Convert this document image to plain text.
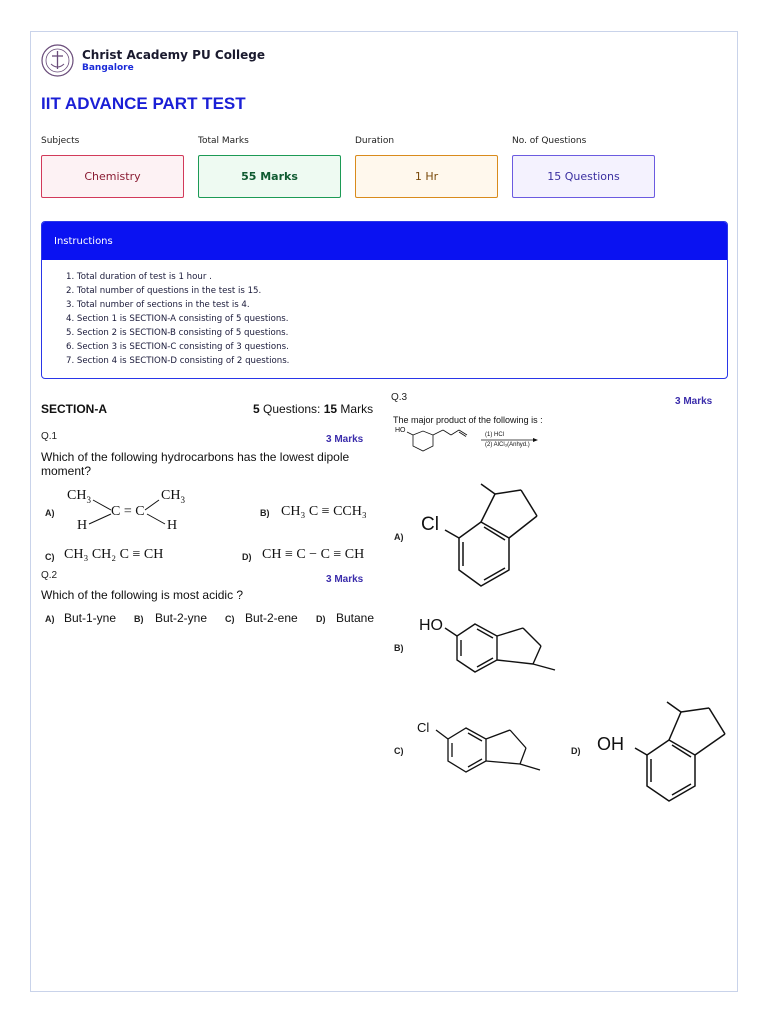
Christ Academy PU College
Bangalore
IIT ADVANCE PART TEST
Subjects	Total Marks	Duration	No. of Questions
Chemistry	55 Marks	1 Hr	15 Questions
Instructions
1. Total duration of test is 1 hour .
2. Total number of questions in the test is 15.
3. Total number of sections in the test is 4.
4. Section 1 is SECTION-A consisting of 5 questions.
5. Section 2 is SECTION-B consisting of 5 questions.
6. Section 3 is SECTION-C consisting of 3 questions.
7. Section 4 is SECTION-D consisting of 2 questions.
SECTION-A	5 Questions: 15 Marks
Q.1	3 Marks
Which of the following hydrocarbons has the lowest dipole moment?
A)
$CH_3$	$CH_3$
C = C
H	H
B) CH₃ C ≡ CCH₃
C) CH₃ CH₂ C ≡ CH	D) CH ≡ C − C ≡ CH
Q.2	3 Marks
Which of the following is most acidic ?
A) But-1-yne B) But-2-yne C) But-2-ene D) Butane
Q.3	3 Marks
The major product of the following is :
HO
(1) HCl
(2) AlCl₃(Anhyd.)
A)
Cl
B)
HO
C)
Cl
D) OH
